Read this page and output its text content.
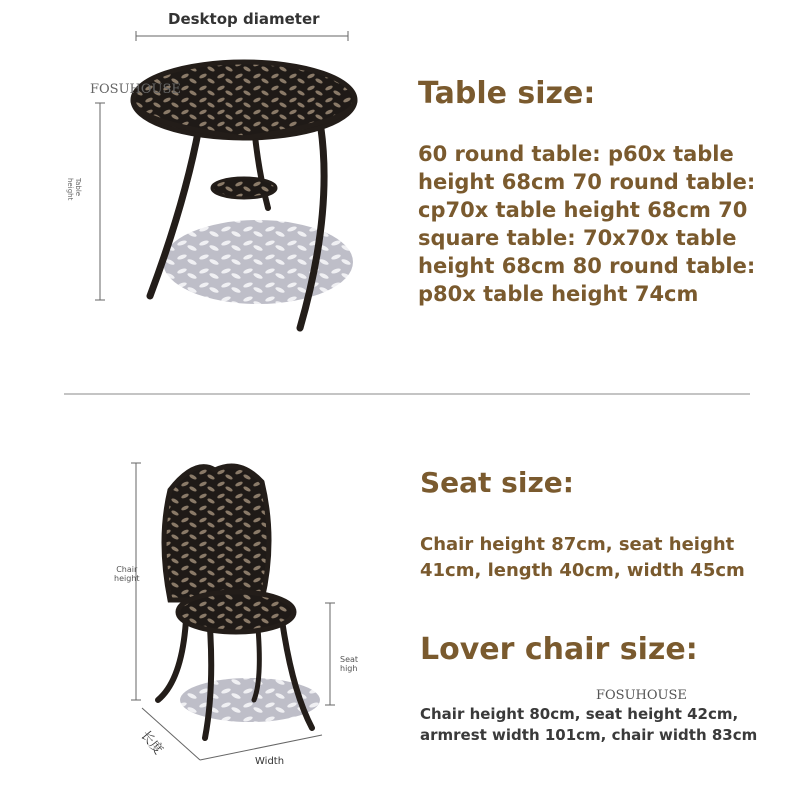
Desktop diameter
FOSUHOUSE
Table
height
Table size:
60 round table: p60x table
height 68cm 70 round table:
cp70x table height 68cm 70
square table: 70x70x table
height 68cm 80 round table:
p80x table height 74cm
Chair
height
Seat
high
长度
Width
Seat size:
Chair height 87cm, seat height
41cm, length 40cm, width 45cm
Lover chair size:
FOSUHOUSE
Chair height 80cm, seat height 42cm,
armrest width 101cm, chair width 83cm
